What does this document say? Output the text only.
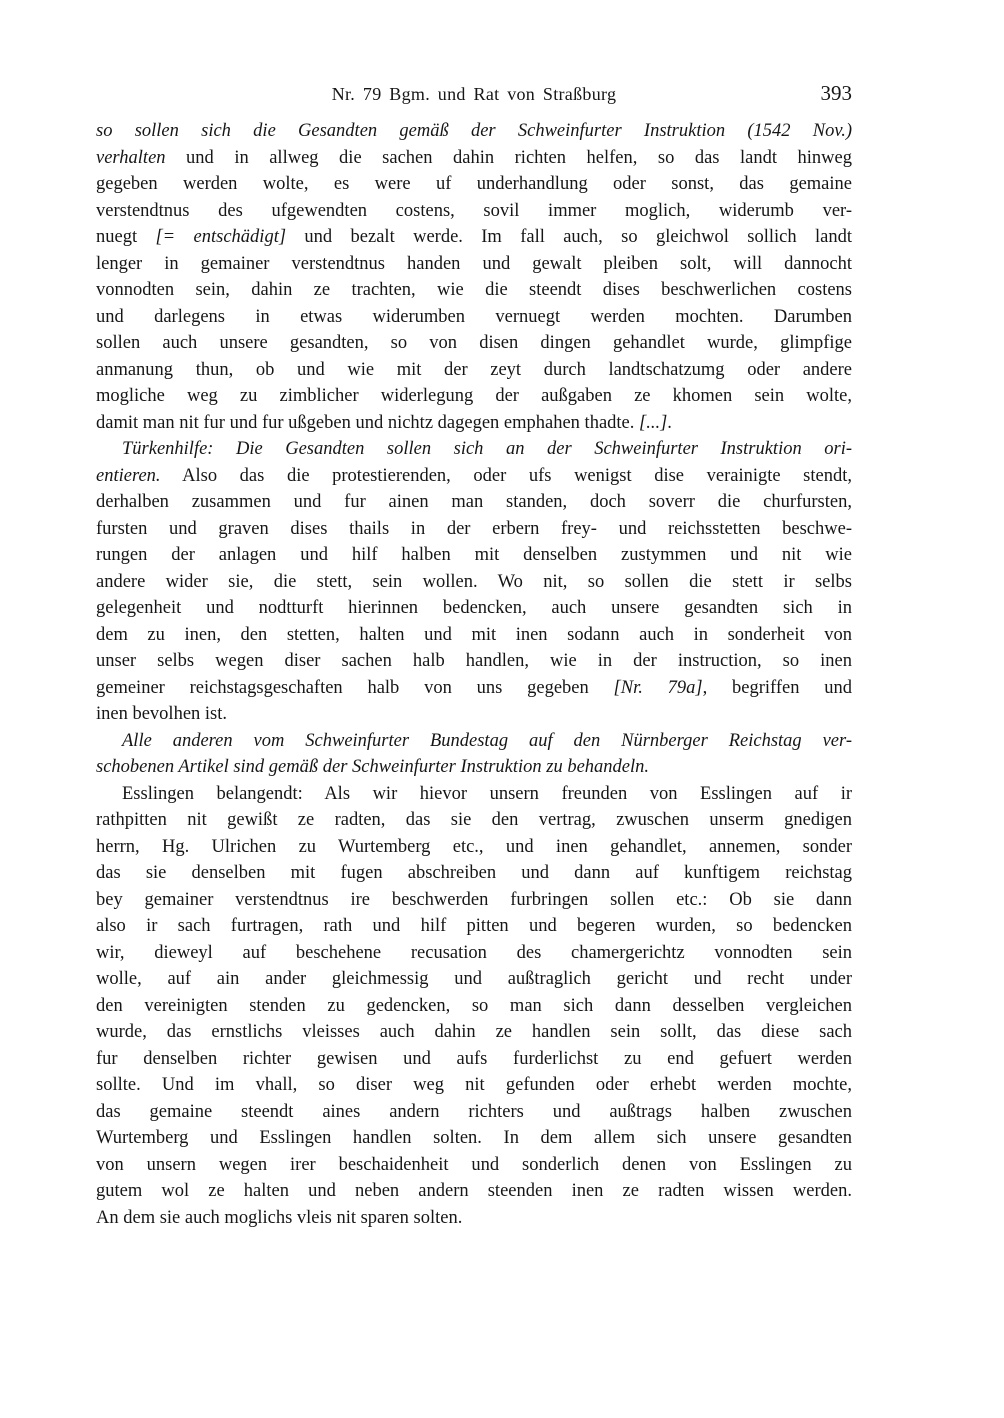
Nr. 79 Bgm. und Rat von Straßburg	393
so sollen sich die Gesandten gemäß der Schweinfurter Instruktion (1542 Nov.)
verhalten und in allweg die sachen dahin richten helfen, so das landt hinweg
gegeben werden wolte, es were uf underhandlung oder sonst, das gemaine
verstendtnus des ufgewendten costens, sovil immer moglich, widerumb ver-
nuegt [= entschädigt] und bezalt werde. Im fall auch, so gleichwol sollich landt
lenger in gemainer verstendtnus handen und gewalt pleiben solt, will dannocht
vonnodten sein, dahin ze trachten, wie die steendt dises beschwerlichen costens
und darlegens in etwas widerumben vernuegt werden mochten. Darumben
sollen auch unsere gesandten, so von disen dingen gehandlet wurde, glimpfige
anmanung thun, ob und wie mit der zeyt durch landtschatzumg oder andere
mogliche weg zu zimblicher widerlegung der außgaben ze khomen sein wolte,
damit man nit fur und fur ußgeben und nichtz dagegen emphahen thadte. [...].
Türkenhilfe: Die Gesandten sollen sich an der Schweinfurter Instruktion ori-
entieren. Also das die protestierenden, oder ufs wenigst dise verainigte stendt,
derhalben zusammen und fur ainen man standen, doch soverr die churfursten,
fursten und graven dises thails in der erbern frey- und reichsstetten beschwe-
rungen der anlagen und hilf halben mit denselben zustymmen und nit wie
andere wider sie, die stett, sein wollen. Wo nit, so sollen die stett ir selbs
gelegenheit und nodtturft hierinnen bedencken, auch unsere gesandten sich in
dem zu inen, den stetten, halten und mit inen sodann auch in sonderheit von
unser selbs wegen diser sachen halb handlen, wie in der instruction, so inen
gemeiner reichstagsgeschaften halb von uns gegeben [Nr. 79a], begriffen und
inen bevolhen ist.
Alle anderen vom Schweinfurter Bundestag auf den Nürnberger Reichstag ver-
schobenen Artikel sind gemäß der Schweinfurter Instruktion zu behandeln.
Esslingen belangendt: Als wir hievor unsern freunden von Esslingen auf ir
rathpitten nit gewißt ze radten, das sie den vertrag, zwuschen unserm gnedigen
herrn, Hg. Ulrichen zu Wurtemberg etc., und inen gehandlet, annemen, sonder
das sie denselben mit fugen abschreiben und dann auf kunftigem reichstag
bey gemainer verstendtnus ire beschwerden furbringen sollen etc.: Ob sie dann
also ir sach furtragen, rath und hilf pitten und begeren wurden, so bedencken
wir, dieweyl auf beschehene recusation des chamergerichtz vonnodten sein
wolle, auf ain ander gleichmessig und außtraglich gericht und recht under
den vereinigten stenden zu gedencken, so man sich dann desselben vergleichen
wurde, das ernstlichs vleisses auch dahin ze handlen sein sollt, das diese sach
fur denselben richter gewisen und aufs furderlichst zu end gefuert werden
sollte. Und im vhall, so diser weg nit gefunden oder erhebt werden mochte,
das gemaine steendt aines andern richters und außtrags halben zwuschen
Wurtemberg und Esslingen handlen solten. In dem allem sich unsere gesandten
von unsern wegen irer beschaidenheit und sonderlich denen von Esslingen zu
gutem wol ze halten und neben andern steenden inen ze radten wissen werden.
An dem sie auch moglichs vleis nit sparen solten.
